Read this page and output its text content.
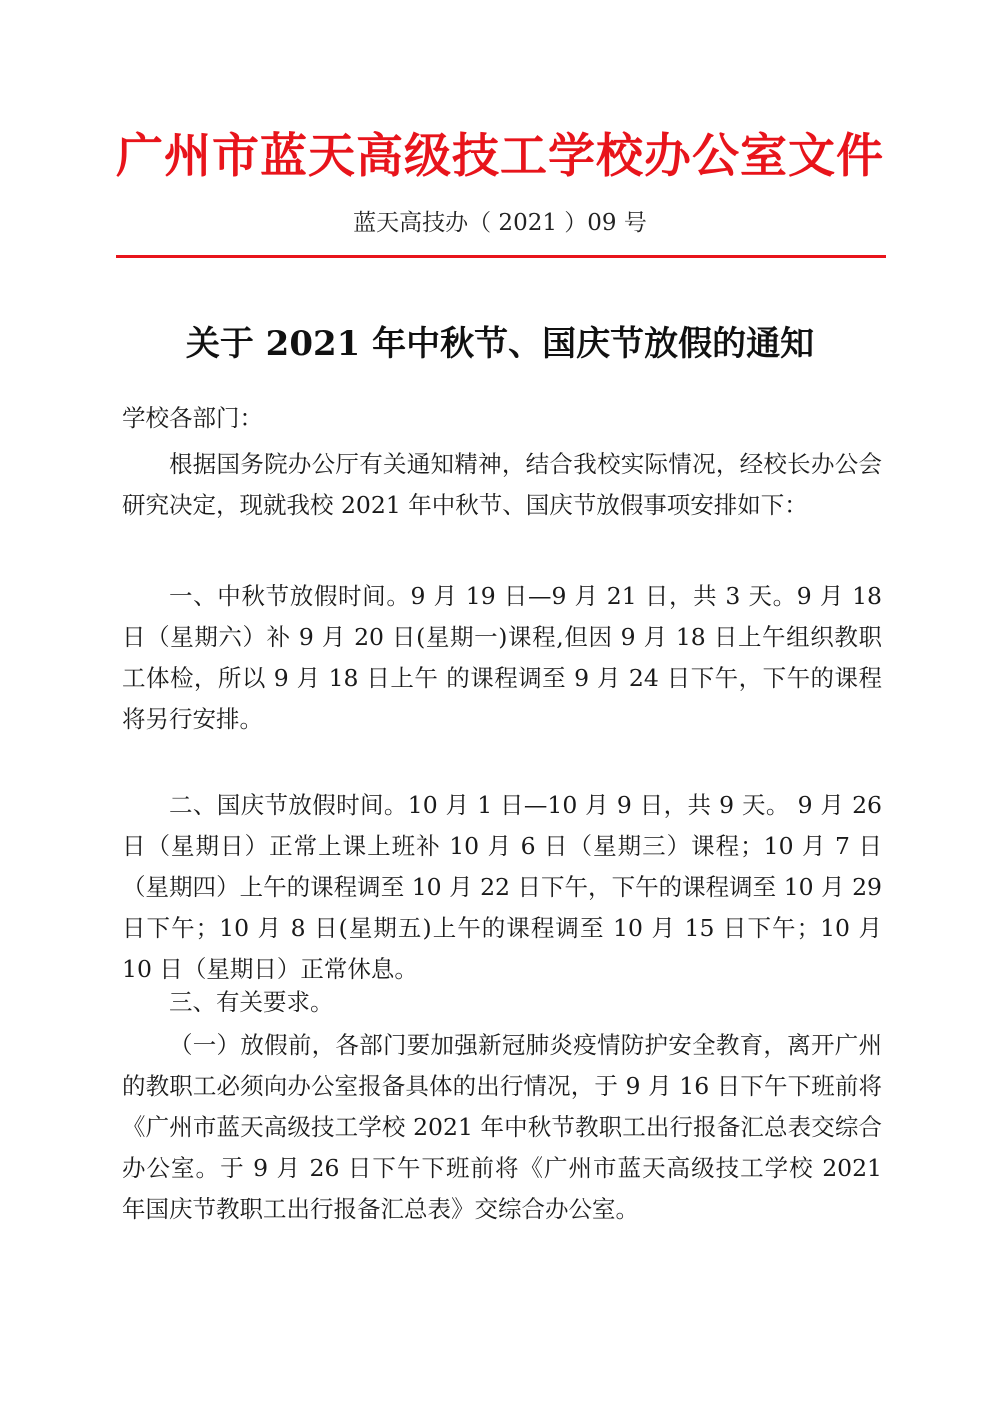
广州市蓝天高级技工学校办公室文件
蓝天高技办（ 2021 ）09 号
关于 2021 年中秋节、国庆节放假的通知

学校各部门：

根据国务院办公厅有关通知精神，结合我校实际情况，经校长办公会研究决定，现就我校 2021 年中秋节、国庆节放假事项安排如下：

一、中秋节放假时间。9 月 19 日—9 月 21 日，共 3 天。9 月 18 日（星期六）补 9 月 20 日(星期一)课程,但因 9 月 18 日上午组织教职工体检，所以 9 月 18 日上午 的课程调至 9 月 24 日下午，下午的课程将另行安排。

二、国庆节放假时间。10 月 1 日—10 月 9 日，共 9 天。 9 月 26 日（星期日）正常上课上班补 10 月 6 日（星期三）课程；10 月 7 日（星期四）上午的课程调至 10 月 22 日下午，下午的课程调至 10 月 29 日下午；10 月 8 日(星期五)上午的课程调至 10 月 15 日下午；10 月 10 日（星期日）正常休息。

三、有关要求。

（一）放假前，各部门要加强新冠肺炎疫情防护安全教育，离开广州的教职工必须向办公室报备具体的出行情况，于 9 月 16 日下午下班前将《广州市蓝天高级技工学校 2021 年中秋节教职工出行报备汇总表交综合办公室。于 9 月 26 日下午下班前将《广州市蓝天高级技工学校 2021 年国庆节教职工出行报备汇总表》交综合办公室。
